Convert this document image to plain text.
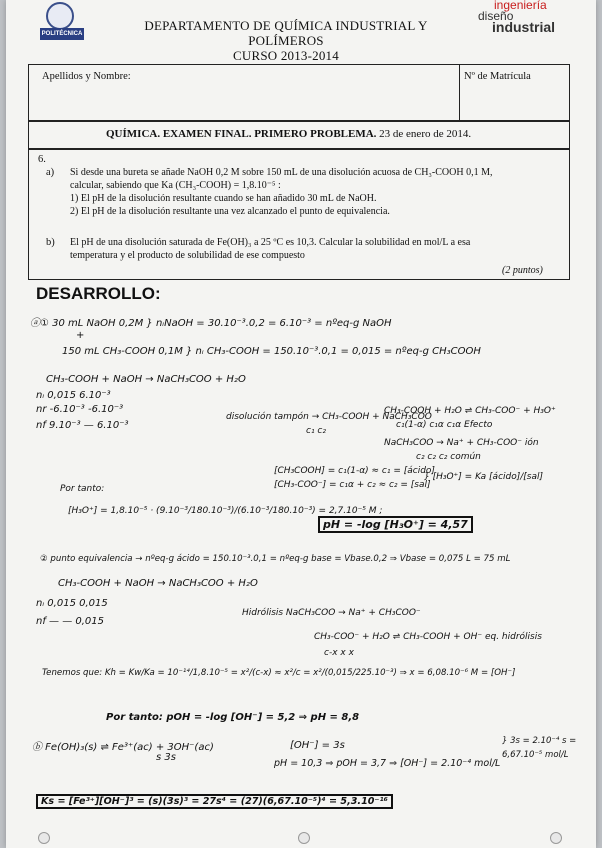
POLITÉCNICA
DEPARTAMENTO DE QUÍMICA INDUSTRIAL Y POLÍMEROS
CURSO 2013-2014
ingeniería
diseño
industrial
Apellidos y Nombre:	Nº de Matrícula
QUÍMICA. EXAMEN FINAL. PRIMERO PROBLEMA. 23 de enero de 2014.
6.
a) Si desde una bureta se añade NaOH 0,2 M sobre 150 mL de una disolución acuosa de CH₃-COOH 0,1 M,
calcular, sabiendo que Ka (CH₃-COOH) = 1,8.10⁻⁵ :
1) El pH de la disolución resultante cuando se han añadido 30 mL de NaOH.
2) El pH de la disolución resultante una vez alcanzado el punto de equivalencia.
b) El pH de una disolución saturada de Fe(OH)₃ a 25 ºC es 10,3. Calcular la solubilidad en mol/L a esa
temperatura y el producto de solubilidad de ese compuesto
(2 puntos)
DESARROLLO:
ⓐ① 30 mL NaOH 0,2M } nᵢNaOH = 30.10⁻³.0,2 = 6.10⁻³ = nºeq-g NaOH
+
150 mL CH₃-COOH 0,1M } nᵢ CH₃-COOH = 150.10⁻³.0,1 = 0,015 = nºeq-g CH₃COOH
CH₃-COOH + NaOH → NaCH₃COO + H₂O
nᵢ 0,015 6.10⁻³
nr -6.10⁻³ -6.10⁻³
nf 9.10⁻³ — 6.10⁻³
disolución tampón → CH₃-COOH + NaCH₃COO
c₁ c₂
CH₃-COOH + H₂O ⇌ CH₃-COO⁻ + H₃O⁺
c₁(1-α) c₁α c₁α Efecto
NaCH₃COO → Na⁺ + CH₃-COO⁻ ión
c₂ c₂ c₂ común
[CH₃COOH] = c₁(1-α) ≈ c₁ = [ácido]
[CH₃-COO⁻] = c₁α + c₂ ≈ c₂ = [sal]
} [H₃O⁺] = Ka [ácido]/[sal]
Por tanto:
[H₃O⁺] = 1,8.10⁻⁵ · (9.10⁻³/180.10⁻³)/(6.10⁻³/180.10⁻³) = 2,7.10⁻⁵ M ;
pH = -log [H₃O⁺] = 4,57
② punto equivalencia → nºeq-g ácido = 150.10⁻³.0,1 = nºeq-g base = Vbase.0,2 ⇒ Vbase = 0,075 L = 75 mL
CH₃-COOH + NaOH → NaCH₃COO + H₂O
nᵢ 0,015 0,015
nf — — 0,015
Hidrólisis NaCH₃COO → Na⁺ + CH₃COO⁻
CH₃-COO⁻ + H₂O ⇌ CH₃-COOH + OH⁻ eq. hidrólisis
c-x x x
Tenemos que: Kh = Kw/Ka = 10⁻¹⁴/1,8.10⁻⁵ = x²/(c-x) ≈ x²/c = x²/(0,015/225.10⁻³) ⇒ x = 6,08.10⁻⁶ M = [OH⁻]
Por tanto: pOH = -log [OH⁻] = 5,2 ⇒ pH = 8,8
ⓑ Fe(OH)₃(s) ⇌ Fe³⁺(ac) + 3OH⁻(ac)
s 3s
[OH⁻] = 3s
pH = 10,3 ⇒ pOH = 3,7 ⇒ [OH⁻] = 2.10⁻⁴ mol/L
} 3s = 2.10⁻⁴ s = 6,67.10⁻⁵ mol/L
Ks = [Fe³⁺][OH⁻]³ = (s)(3s)³ = 27s⁴ = (27)(6,67.10⁻⁵)⁴ = 5,3.10⁻¹⁶
